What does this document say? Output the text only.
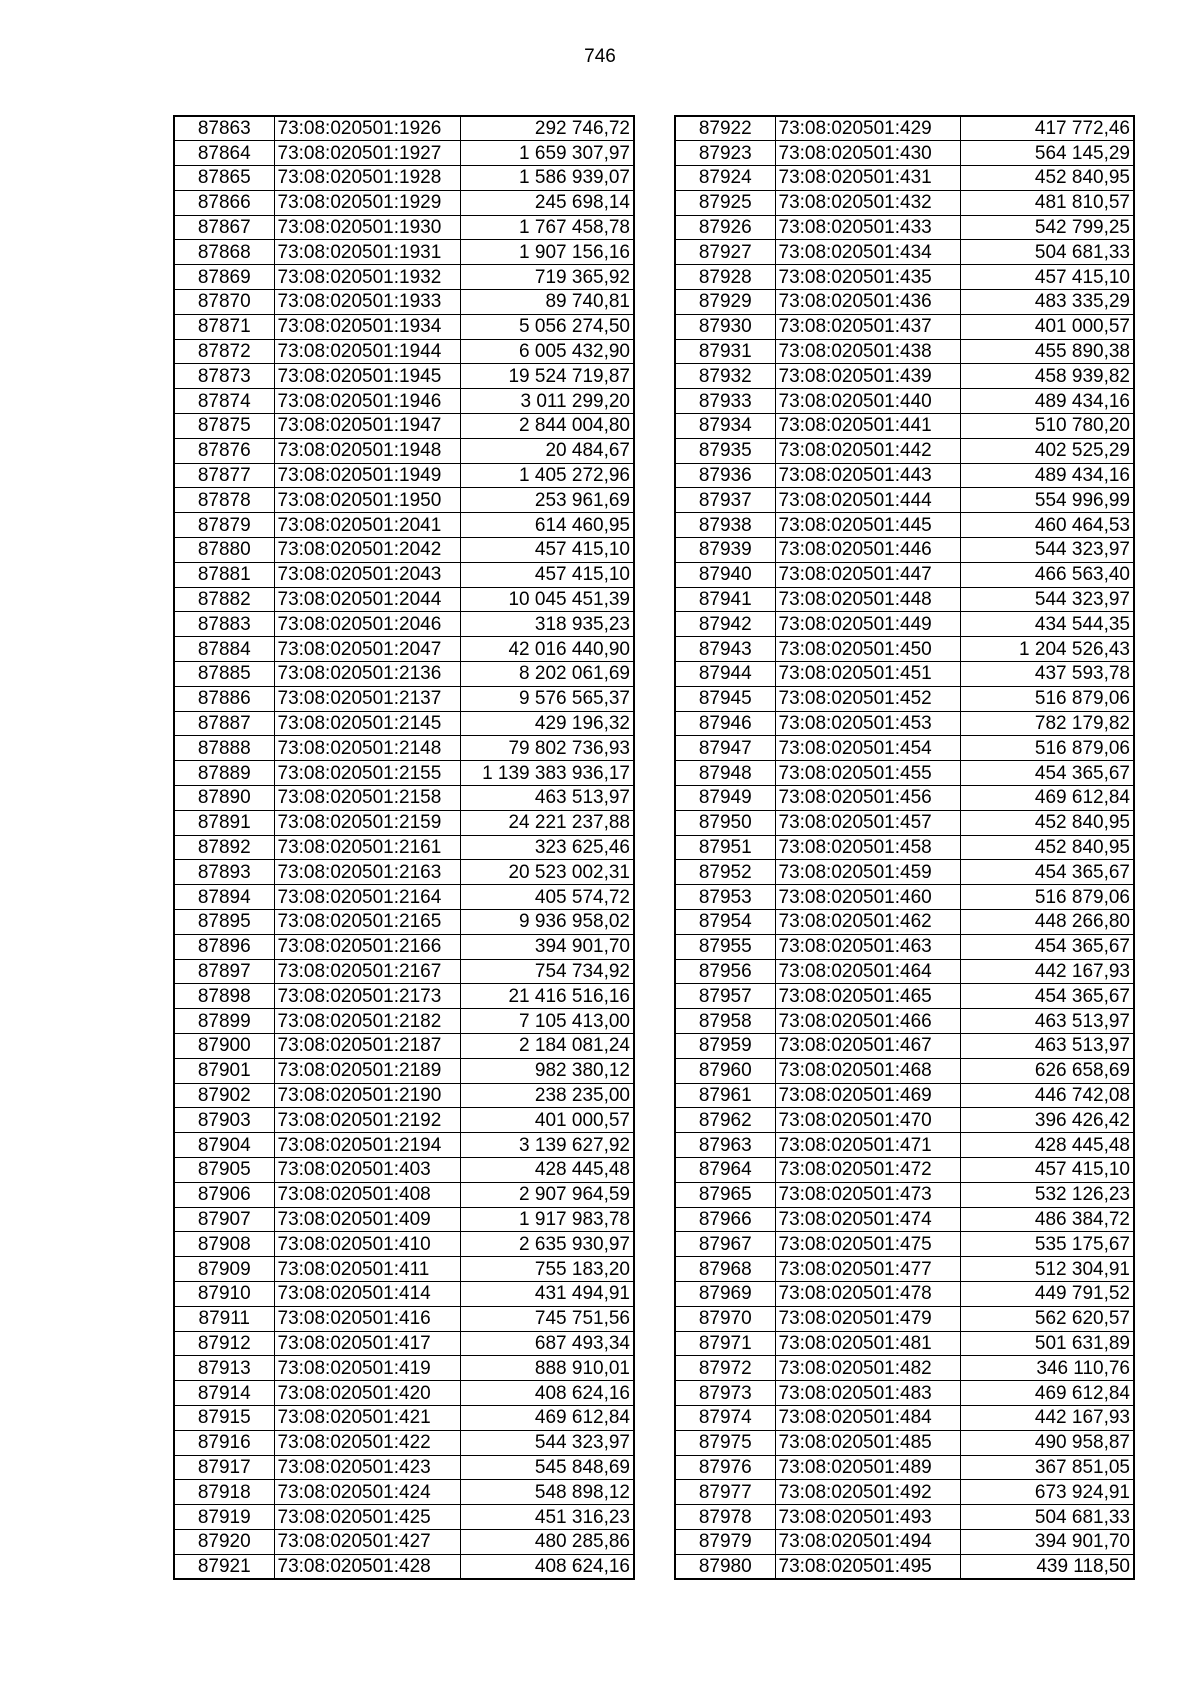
746
87863	73:08:020501:1926	292 746,72
87864	73:08:020501:1927	1 659 307,97
87865	73:08:020501:1928	1 586 939,07
87866	73:08:020501:1929	245 698,14
87867	73:08:020501:1930	1 767 458,78
87868	73:08:020501:1931	1 907 156,16
87869	73:08:020501:1932	719 365,92
87870	73:08:020501:1933	89 740,81
87871	73:08:020501:1934	5 056 274,50
87872	73:08:020501:1944	6 005 432,90
87873	73:08:020501:1945	19 524 719,87
87874	73:08:020501:1946	3 011 299,20
87875	73:08:020501:1947	2 844 004,80
87876	73:08:020501:1948	20 484,67
87877	73:08:020501:1949	1 405 272,96
87878	73:08:020501:1950	253 961,69
87879	73:08:020501:2041	614 460,95
87880	73:08:020501:2042	457 415,10
87881	73:08:020501:2043	457 415,10
87882	73:08:020501:2044	10 045 451,39
87883	73:08:020501:2046	318 935,23
87884	73:08:020501:2047	42 016 440,90
87885	73:08:020501:2136	8 202 061,69
87886	73:08:020501:2137	9 576 565,37
87887	73:08:020501:2145	429 196,32
87888	73:08:020501:2148	79 802 736,93
87889	73:08:020501:2155	1 139 383 936,17
87890	73:08:020501:2158	463 513,97
87891	73:08:020501:2159	24 221 237,88
87892	73:08:020501:2161	323 625,46
87893	73:08:020501:2163	20 523 002,31
87894	73:08:020501:2164	405 574,72
87895	73:08:020501:2165	9 936 958,02
87896	73:08:020501:2166	394 901,70
87897	73:08:020501:2167	754 734,92
87898	73:08:020501:2173	21 416 516,16
87899	73:08:020501:2182	7 105 413,00
87900	73:08:020501:2187	2 184 081,24
87901	73:08:020501:2189	982 380,12
87902	73:08:020501:2190	238 235,00
87903	73:08:020501:2192	401 000,57
87904	73:08:020501:2194	3 139 627,92
87905	73:08:020501:403	428 445,48
87906	73:08:020501:408	2 907 964,59
87907	73:08:020501:409	1 917 983,78
87908	73:08:020501:410	2 635 930,97
87909	73:08:020501:411	755 183,20
87910	73:08:020501:414	431 494,91
87911	73:08:020501:416	745 751,56
87912	73:08:020501:417	687 493,34
87913	73:08:020501:419	888 910,01
87914	73:08:020501:420	408 624,16
87915	73:08:020501:421	469 612,84
87916	73:08:020501:422	544 323,97
87917	73:08:020501:423	545 848,69
87918	73:08:020501:424	548 898,12
87919	73:08:020501:425	451 316,23
87920	73:08:020501:427	480 285,86
87921	73:08:020501:428	408 624,16
87922	73:08:020501:429	417 772,46
87923	73:08:020501:430	564 145,29
87924	73:08:020501:431	452 840,95
87925	73:08:020501:432	481 810,57
87926	73:08:020501:433	542 799,25
87927	73:08:020501:434	504 681,33
87928	73:08:020501:435	457 415,10
87929	73:08:020501:436	483 335,29
87930	73:08:020501:437	401 000,57
87931	73:08:020501:438	455 890,38
87932	73:08:020501:439	458 939,82
87933	73:08:020501:440	489 434,16
87934	73:08:020501:441	510 780,20
87935	73:08:020501:442	402 525,29
87936	73:08:020501:443	489 434,16
87937	73:08:020501:444	554 996,99
87938	73:08:020501:445	460 464,53
87939	73:08:020501:446	544 323,97
87940	73:08:020501:447	466 563,40
87941	73:08:020501:448	544 323,97
87942	73:08:020501:449	434 544,35
87943	73:08:020501:450	1 204 526,43
87944	73:08:020501:451	437 593,78
87945	73:08:020501:452	516 879,06
87946	73:08:020501:453	782 179,82
87947	73:08:020501:454	516 879,06
87948	73:08:020501:455	454 365,67
87949	73:08:020501:456	469 612,84
87950	73:08:020501:457	452 840,95
87951	73:08:020501:458	452 840,95
87952	73:08:020501:459	454 365,67
87953	73:08:020501:460	516 879,06
87954	73:08:020501:462	448 266,80
87955	73:08:020501:463	454 365,67
87956	73:08:020501:464	442 167,93
87957	73:08:020501:465	454 365,67
87958	73:08:020501:466	463 513,97
87959	73:08:020501:467	463 513,97
87960	73:08:020501:468	626 658,69
87961	73:08:020501:469	446 742,08
87962	73:08:020501:470	396 426,42
87963	73:08:020501:471	428 445,48
87964	73:08:020501:472	457 415,10
87965	73:08:020501:473	532 126,23
87966	73:08:020501:474	486 384,72
87967	73:08:020501:475	535 175,67
87968	73:08:020501:477	512 304,91
87969	73:08:020501:478	449 791,52
87970	73:08:020501:479	562 620,57
87971	73:08:020501:481	501 631,89
87972	73:08:020501:482	346 110,76
87973	73:08:020501:483	469 612,84
87974	73:08:020501:484	442 167,93
87975	73:08:020501:485	490 958,87
87976	73:08:020501:489	367 851,05
87977	73:08:020501:492	673 924,91
87978	73:08:020501:493	504 681,33
87979	73:08:020501:494	394 901,70
87980	73:08:020501:495	439 118,50
